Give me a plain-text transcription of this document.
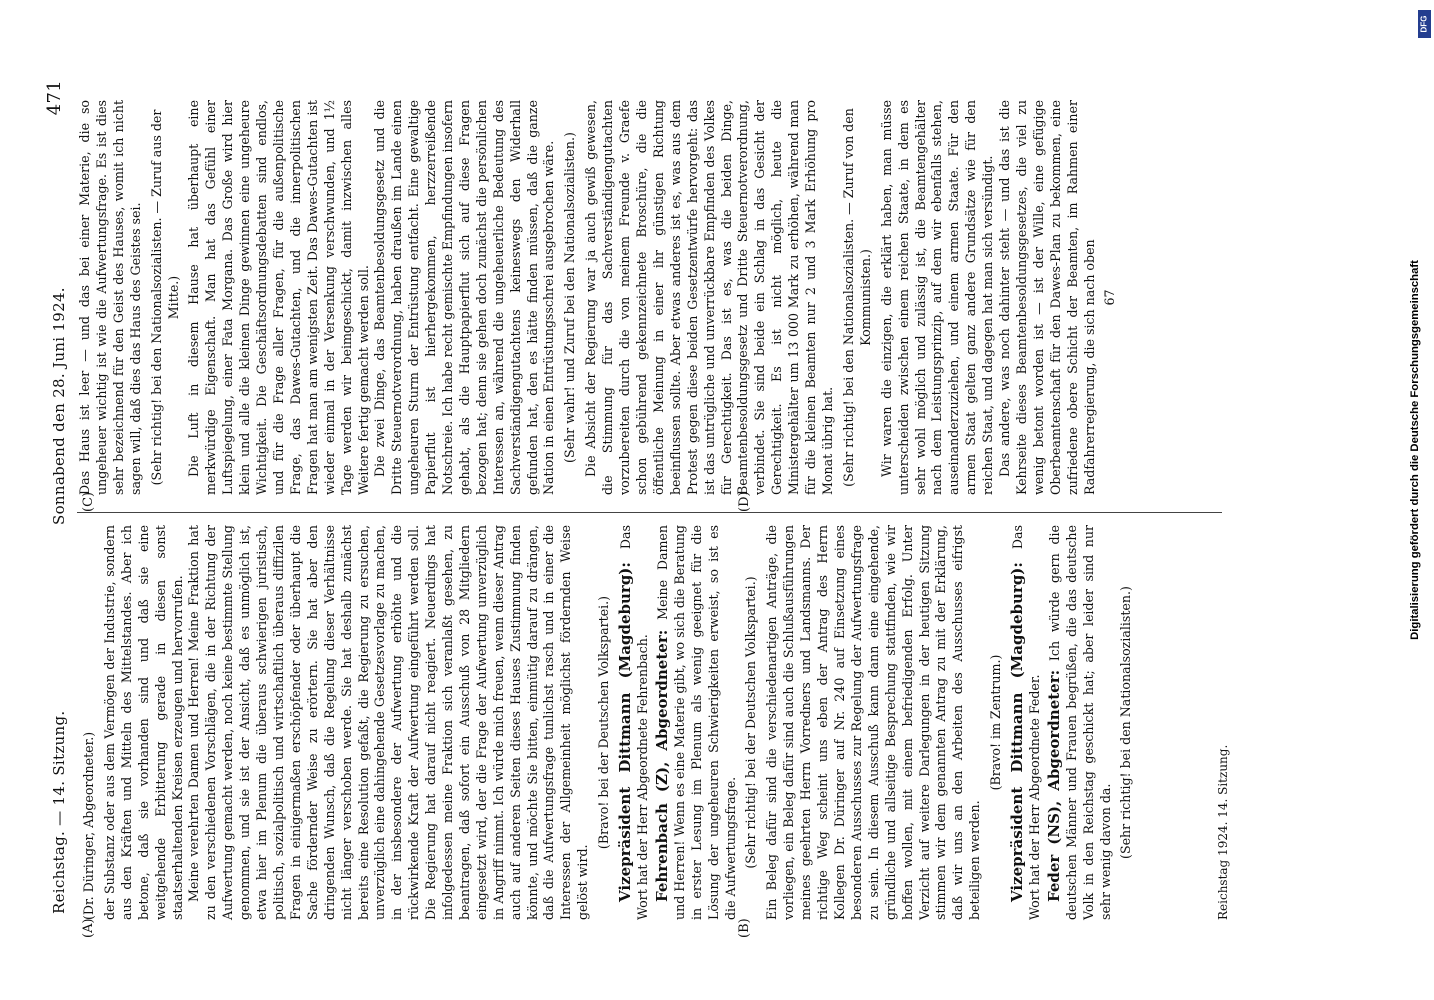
Reichstag. — 14. Sitzung.
Sonnabend den 28. Juni 1924.
471
(A)	(B)
(C)	(D)

(Dr. Düringer, Abgeordneter.) der Substanz oder aus dem Vermögen der Industrie, sondern aus den Kräften und Mitteln des Mittelstandes. Aber ich betone, daß sie vorhanden sind und daß sie eine weitgehende Erbitterung gerade in diesen sonst staatserhaltenden Kreisen erzeugen und hervorrufen. Meine verehrten Damen und Herren! Meine Fraktion hat zu den verschiedenen Vorschlägen, die in der Richtung der Aufwertung gemacht werden, noch keine bestimmte Stellung genommen, und sie ist der Ansicht, daß es unmöglich ist, etwa hier im Plenum die überaus schwierigen juristisch, politisch, sozialpolitisch und wirtschaftlich überaus diffizilen Fragen in einigermaßen erschöpfender oder überhaupt die Sache fördernder Weise zu erörtern. Sie hat aber den dringenden Wunsch, daß die Regelung dieser Verhältnisse nicht länger verschoben werde. Sie hat deshalb zunächst bereits eine Resolution gefaßt, die Regierung zu ersuchen, unverzüglich eine dahingehende Gesetzesvorlage zu machen, in der insbesondere der Aufwertung erhöhte und die rückwirkende Kraft der Aufwertung eingeführt werden soll. Die Regierung hat darauf nicht reagiert. Neuerdings hat infolgedessen meine Fraktion sich veranlaßt gesehen, zu beantragen, daß sofort ein Ausschuß von 28 Mitgliedern eingesetzt wird, der die Frage der Aufwertung unverzüglich in Angriff nimmt. Ich würde mich freuen, wenn dieser Antrag auch auf anderen Seiten dieses Hauses Zustimmung finden könnte, und möchte Sie bitten, einmütig darauf zu drängen, daß die Aufwertungsfrage tunlichst rasch und in einer die Interessen der Allgemeinheit möglichst fördernden Weise gelöst wird.

(Bravo! bei der Deutschen Volkspartei.) Vizepräsident Dittmann (Magdeburg): Das Wort hat der Herr Abgeordnete Fehrenbach. Fehrenbach (Z), Abgeordneter: Meine Damen und Herren! Wenn es eine Materie gibt, wo sich die Beratung in erster Lesung im Plenum als wenig geeignet für die Lösung der ungeheuren Schwierigkeiten erweist, so ist es die Aufwertungsfrage. (Sehr richtig! bei der Deutschen Volkspartei.) Ein Beleg dafür sind die verschiedenartigen Anträge, die vorliegen, ein Beleg dafür sind auch die Schlußausführungen meines geehrten Herrn Vorredners und Landsmanns. Der richtige Weg scheint uns eben der Antrag des Herrn Kollegen Dr. Düringer auf Nr. 240 auf Einsetzung eines besonderen Ausschusses zur Regelung der Aufwertungsfrage zu sein. In diesem Ausschuß kann dann eine eingehende, gründliche und allseitige Besprechung stattfinden, wie wir hoffen wollen, mit einem befriedigenden Erfolg. Unter Verzicht auf weitere Darlegungen in der heutigen Sitzung stimmen wir dem genannten Antrag zu mit der Erklärung, daß wir uns an den Arbeiten des Ausschusses eifrigst beteiligen werden.

(Bravo! im Zentrum.) Vizepräsident Dittmann (Magdeburg): Das Wort hat der Herr Abgeordnete Feder. Feder (NS), Abgeordneter: Ich würde gern die deutschen Männer und Frauen begrüßen, die das deutsche Volk in den Reichstag geschickt hat; aber leider sind nur sehr wenig davon da. (Sehr richtig! bei den Nationalsozialisten.)	Reichstag 1924. 14. Sitzung.

Das Haus ist leer — und das bei einer Materie, die so ungeheuer wichtig ist wie die Aufwertungsfrage. Es ist dies sehr bezeichnend für den Geist des Hauses, womit ich nicht sagen will, daß dies das Haus des Geistes sei. (Sehr richtig! bei den Nationalsozialisten. — Zuruf aus der Mitte.) Die Luft in diesem Hause hat überhaupt eine merkwürdige Eigenschaft. Man hat das Gefühl einer Luftspiegelung, einer Fata Morgana. Das Große wird hier klein und alle die kleinen Dinge gewinnen eine ungeheure Wichtigkeit. Die Geschäftsordnungsdebatten sind endlos, und für die Frage aller Fragen, für die außenpolitische Frage, das Dawes-Gutachten, und die innerpolitischen Fragen hat man am wenigsten Zeit. Das Dawes-Gutachten ist wieder einmal in der Versenkung verschwunden, und 1½ Tage werden wir beimgeschickt, damit inzwischen alles Weitere fertig gemacht werden soll. Die zwei Dinge, das Beamtenbesoldungsgesetz und die Dritte Steuernotverordnung, haben draußen im Lande einen ungeheuren Sturm der Entrüstung entfacht. Eine gewaltige Papierflut ist hierhergekommen, herzzerreißende Notschreie. Ich habe recht gemischte Empfindungen insofern gehabt, als die Hauptpapierflut sich auf diese Fragen bezogen hat; denn sie gehen doch zunächst die persönlichen Interessen an, während die ungeheuerliche Bedeutung des Sachverständigengutachtens keineswegs den Widerhall gefunden hat, den es hätte finden müssen, daß die ganze Nation in einen Entrüstungsschrei ausgebrochen wäre. (Sehr wahr! und Zuruf bei den Nationalsozialisten.) Die Absicht der Regierung war ja auch gewiß gewesen, die Stimmung für das Sachverständigengutachten vorzubereiten durch die von meinem Freunde v. Graefe schon gebührend gekennzeichnete Broschüre, die die öffentliche Meinung in einer ihr günstigen Richtung beeinflussen sollte. Aber etwas anderes ist es, was aus dem Protest gegen diese beiden Gesetzentwürfe hervorgeht: das ist das untrügliche und unverrückbare Empfinden des Volkes für Gerechtigkeit. Das ist es, was die beiden Dinge, Beamtenbesoldungsgesetz und Dritte Steuernotverordnung, verbindet. Sie sind beide ein Schlag in das Gesicht der Gerechtigkeit. Es ist nicht möglich, heute die Ministergehälter um 13 000 Mark zu erhöhen, während man für die kleinen Beamten nur 2 und 3 Mark Erhöhung pro Monat übrig hat. (Sehr richtig! bei den Nationalsozialisten. — Zuruf von den Kommunisten.) Wir waren die einzigen, die erklärt haben, man müsse unterscheiden zwischen einem reichen Staate, in dem es sehr wohl möglich und zulässig ist, die Beamtengehälter nach dem Leistungsprinzip, auf dem wir ebenfalls stehen, auseinanderzuziehen, und einem armen Staate. Für den armen Staat gelten ganz andere Grundsätze wie für den reichen Staat, und dagegen hat man sich versündigt. Das andere, was noch dahinter steht — und das ist die Kehrseite dieses Beamtenbesoldungsgesetzes, die viel zu wenig betont worden ist — ist der Wille, eine gefügige Oberbeamtenschaft für den Dawes-Plan zu bekommen, eine zufriedene obere Schicht der Beamten, im Rahmen einer Radfahrerregierung, die sich nach oben 67	Digitalisierung gefördert durch die Deutsche Forschungsgemeinschaft
DFG
